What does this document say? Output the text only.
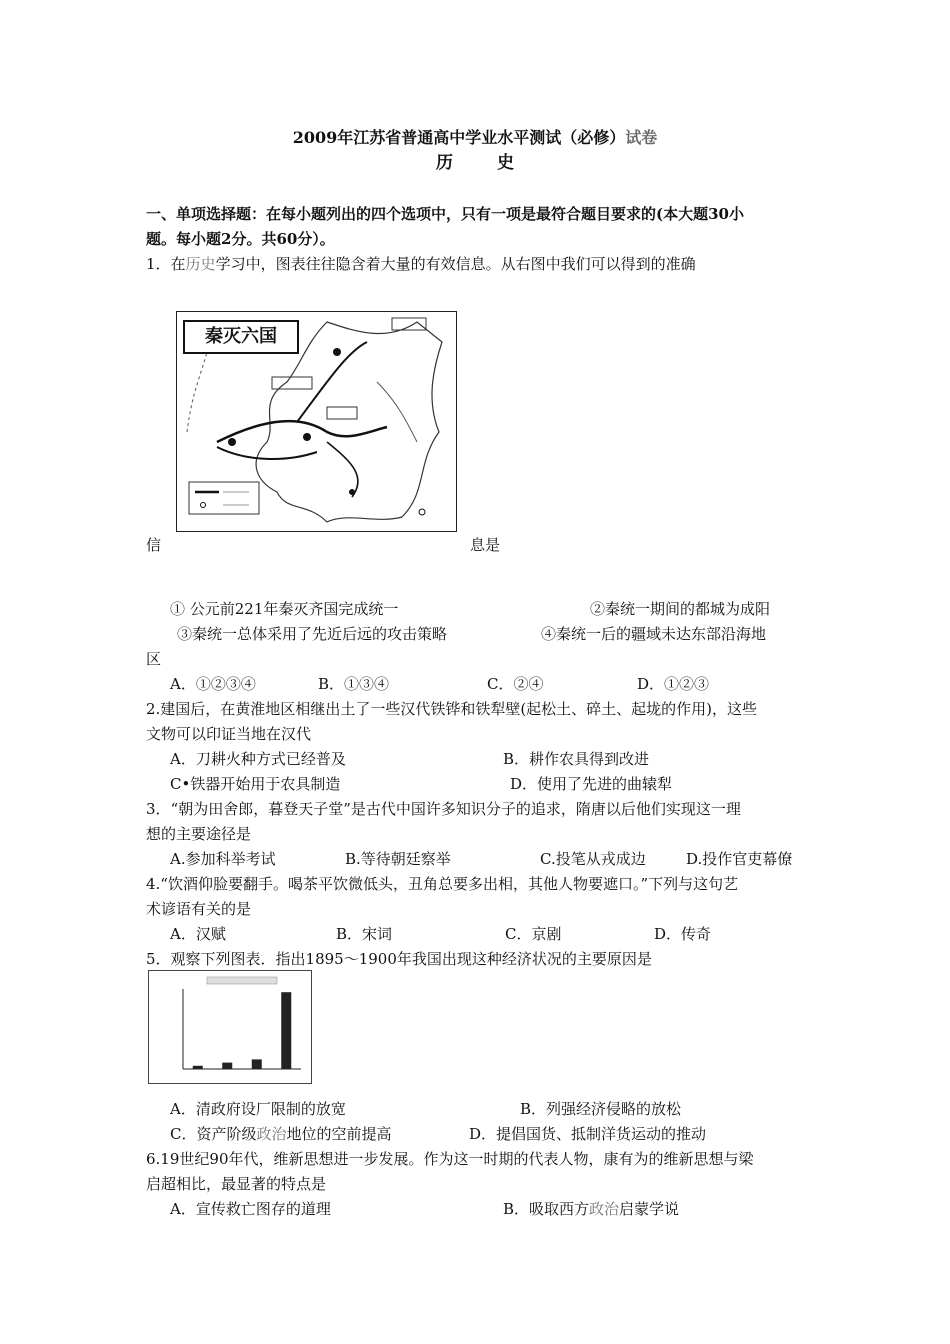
2009年江苏省普通高中学业水平测试（必修）试卷
历史
一、单项选择题：在每小题列出的四个选项中，只有一项是最符合题目要求的(本大题30小
题。每小题2分。共60分）。
1．在历史学习中，图表往往隐含着大量的有效信息。从右图中我们可以得到的准确
秦灭六国
信	息是
① 公元前221年秦灭齐国完成统一	②秦统一期间的都城为成阳
③秦统一总体采用了先近后远的攻击策略	④秦统一后的疆域未达东部沿海地
区
A．①②③④	B．①③④	C．②④	D．①②③
2.建国后，在黄淮地区相继出土了一些汉代铁铧和铁犁壁(起松土、碎土、起垅的作用)，这些
文物可以印证当地在汉代
A．刀耕火种方式已经普及	B．耕作农具得到改进
C•铁器开始用于农具制造	D．使用了先进的曲辕犁
3．“朝为田舍郎，暮登天子堂”是古代中国许多知识分子的追求，隋唐以后他们实现这一理
想的主要途径是
A.参加科举考试	B.等待朝廷察举	C.投笔从戎成边	D.投作官吏幕僚
4.“饮酒仰脸要翻手。喝茶平饮微低头，丑角总要多出相，其他人物要遮口。”下列与这句艺
术谚语有关的是
A．汉赋	B．宋词	C．京剧	D．传奇
5．观察下列图表．指出1895～1900年我国出现这种经济状况的主要原因是
A．清政府设厂限制的放宽	B．列强经济侵略的放松
C．资产阶级政治地位的空前提高	D．提倡国货、抵制洋货运动的推动
6.19世纪90年代，维新思想进一步发展。作为这一时期的代表人物，康有为的维新思想与梁
启超相比，最显著的特点是
A．宣传救亡图存的道理	B．吸取西方政治启蒙学说
